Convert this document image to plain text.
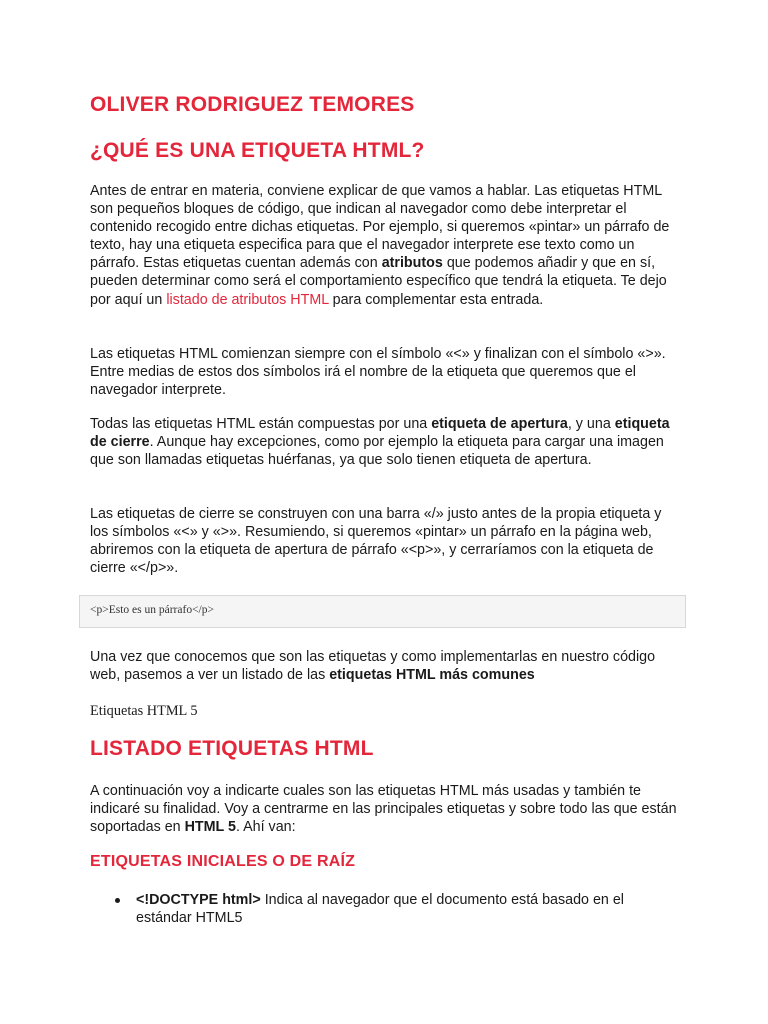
OLIVER RODRIGUEZ TEMORES
¿QUÉ ES UNA ETIQUETA HTML?

Antes de entrar en materia, conviene explicar de que vamos a hablar. Las etiquetas HTML son pequeños bloques de código, que indican al navegador como debe interpretar el contenido recogido entre dichas etiquetas. Por ejemplo, si queremos «pintar» un párrafo de texto, hay una etiqueta especifica para que el navegador interprete ese texto como un párrafo. Estas etiquetas cuentan además con atributos que podemos añadir y que en sí, pueden determinar como será el comportamiento específico que tendrá la etiqueta. Te dejo por aquí un listado de atributos HTML para complementar esta entrada.

Las etiquetas HTML comienzan siempre con el símbolo «<» y finalizan con el símbolo «>». Entre medias de estos dos símbolos irá el nombre de la etiqueta que queremos que el navegador interprete.

Todas las etiquetas HTML están compuestas por una etiqueta de apertura, y una etiqueta de cierre. Aunque hay excepciones, como por ejemplo la etiqueta para cargar una imagen que son llamadas etiquetas huérfanas, ya que solo tienen etiqueta de apertura.

Las etiquetas de cierre se construyen con una barra «/» justo antes de la propia etiqueta y los símbolos «<» y «>». Resumiendo, si queremos «pintar» un párrafo en la página web, abriremos con la etiqueta de apertura de párrafo «<p>», y cerraríamos con la etiqueta de cierre «</p>».

Una vez que conocemos que son las etiquetas y como implementarlas en nuestro código web, pasemos a ver un listado de las etiquetas HTML más comunes

Etiquetas HTML 5
LISTADO ETIQUETAS HTML

A continuación voy a indicarte cuales son las etiquetas HTML más usadas y también te indicaré su finalidad. Voy a centrarme en las principales etiquetas y sobre todo las que están soportadas en HTML 5. Ahí van:

ETIQUETAS INICIALES O DE RAÍZ
<!DOCTYPE html> Indica al navegador que el documento está basado en el estándar HTML5
<p>Esto es un párrafo</p>
